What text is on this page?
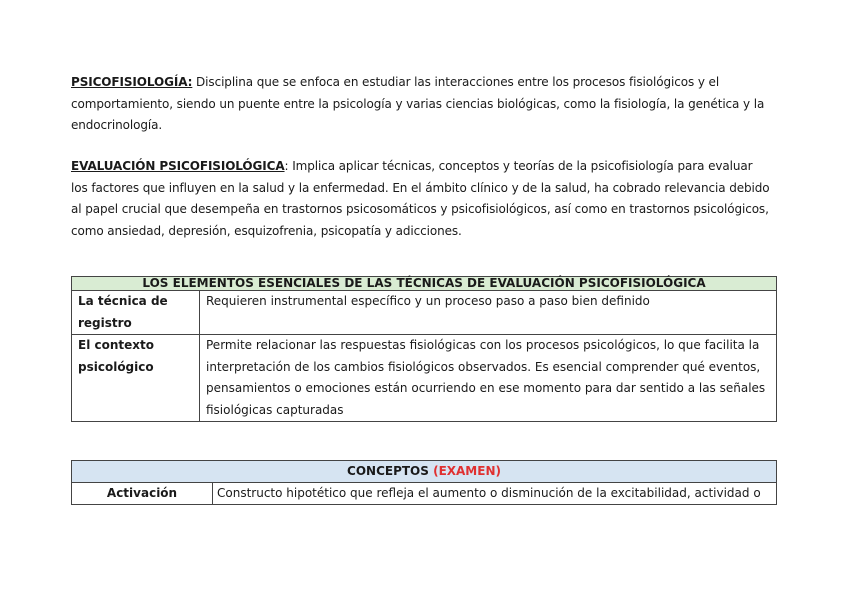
PSICOFISIOLOGÍA: Disciplina que se enfoca en estudiar las interacciones entre los procesos fisiológicos y el comportamiento, siendo un puente entre la psicología y varias ciencias biológicas, como la fisiología, la genética y la endocrinología.

EVALUACIÓN PSICOFISIOLÓGICA: Implica aplicar técnicas, conceptos y teorías de la psicofisiología para evaluar los factores que influyen en la salud y la enfermedad. En el ámbito clínico y de la salud, ha cobrado relevancia debido al papel crucial que desempeña en trastornos psicosomáticos y psicofisiológicos, así como en trastornos psicológicos, como ansiedad, depresión, esquizofrenia, psicopatía y adicciones.

LOS ELEMENTOS ESENCIALES DE LAS TÉCNICAS DE EVALUACIÓN PSICOFISIOLÓGICA	
La técnica de registro	Requieren instrumental específico y un proceso paso a paso bien definido
El contexto psicológico	Permite relacionar las respuestas fisiológicas con los procesos psicológicos, lo que facilita la interpretación de los cambios fisiológicos observados. Es esencial comprender qué eventos, pensamientos o emociones están ocurriendo en ese momento para dar sentido a las señales fisiológicas capturadas
CONCEPTOS (EXAMEN)
Activación	Constructo hipotético que refleja el aumento o disminución de la excitabilidad, actividad o
